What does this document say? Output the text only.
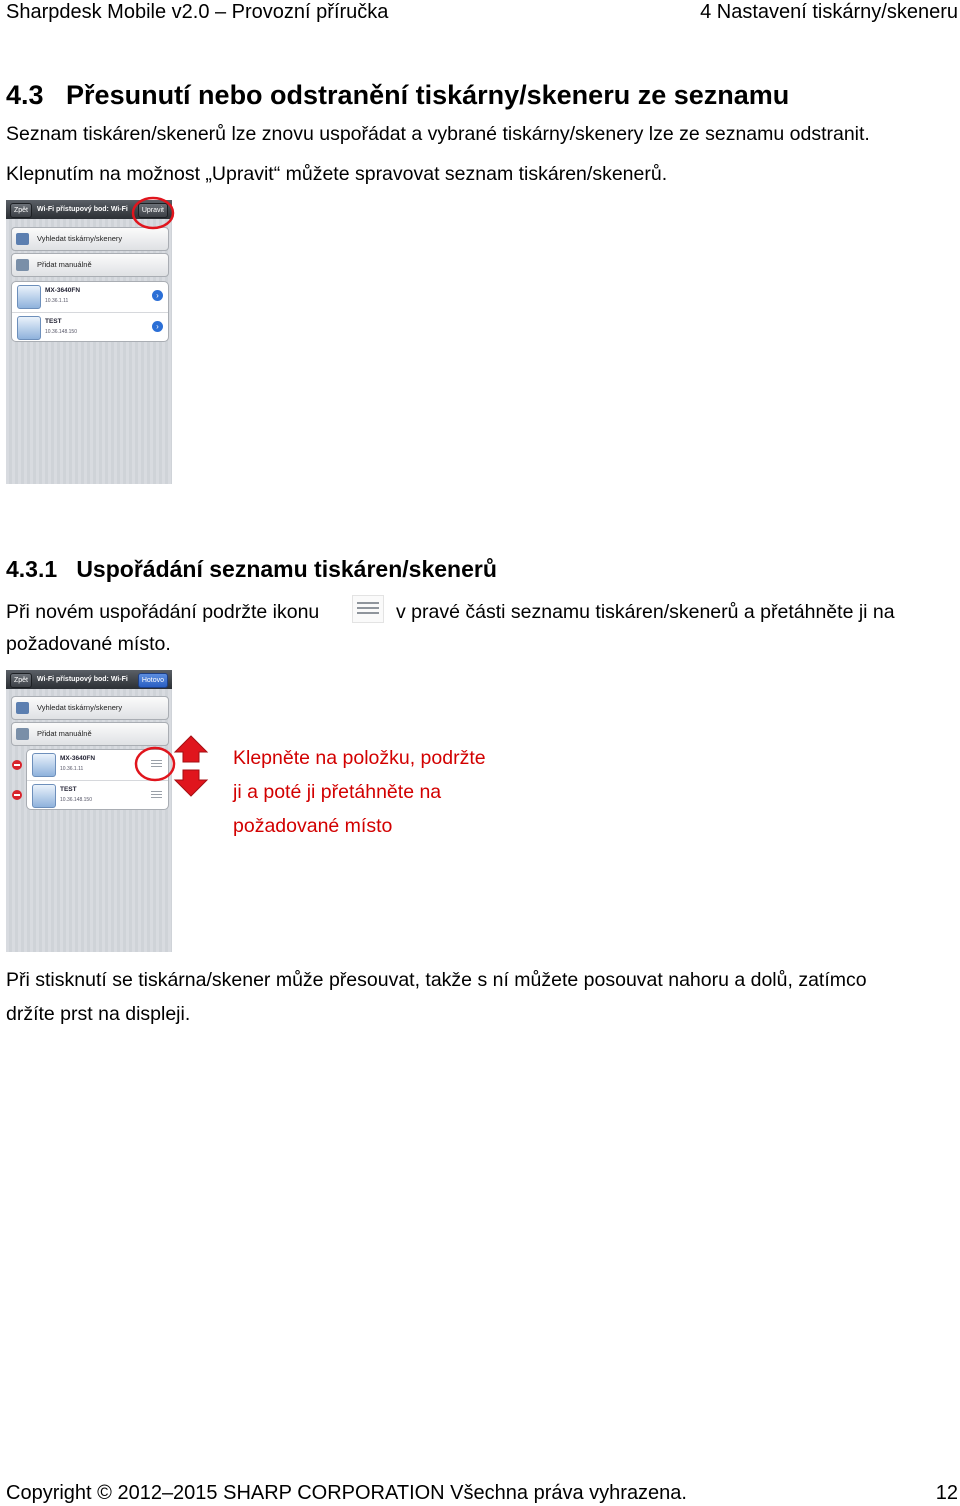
Sharpdesk Mobile v2.0 – Provozní příručka	4 Nastavení tiskárny/skeneru
4.3   Přesunutí nebo odstranění tiskárny/skeneru ze seznamu
Seznam tiskáren/skenerů lze znovu uspořádat a vybrané tiskárny/skenery lze ze seznamu odstranit.
Klepnutím na možnost „Upravit“ můžete spravovat seznam tiskáren/skenerů.
Zpět	Wi-Fi přístupový bod: Wi-Fi	Upravit
Vyhledat tiskárny/skenery
Přidat manuálně
MX-3640FN
10.36.1.11
›
TEST
10.36.148.150
›
4.3.1   Uspořádání seznamu tiskáren/skenerů
Při novém uspořádání podržte ikonu	v pravé části seznamu tiskáren/skenerů a přetáhněte ji na
požadované místo.
Zpět	Wi-Fi přístupový bod: Wi-Fi	Hotovo
Vyhledat tiskárny/skenery
Přidat manuálně
MX-3640FN
10.36.1.11
TEST
10.36.148.150
Klepněte na položku, podržte
ji a poté ji přetáhněte na
požadované místo
Při stisknutí se tiskárna/skener může přesouvat, takže s ní můžete posouvat nahoru a dolů, zatímco
držíte prst na displeji.
Copyright © 2012–2015 SHARP CORPORATION Všechna práva vyhrazena.	12
